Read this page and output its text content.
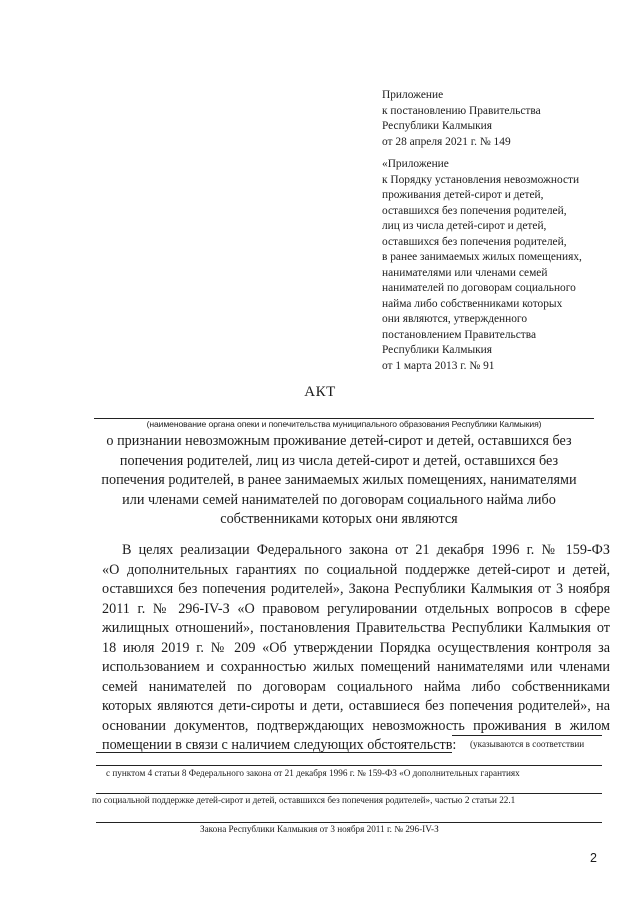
Приложение
к постановлению Правительства
Республики Калмыкия
от 28 апреля 2021 г. № 149
«Приложение
к Порядку установления невозможности
проживания детей-сирот и детей,
оставшихся без попечения родителей,
лиц из числа детей-сирот и детей,
оставшихся без попечения родителей,
в ранее занимаемых жилых помещениях,
нанимателями или членами семей
нанимателей по договорам социального
найма либо собственниками которых
они являются, утвержденного
постановлением Правительства
Республики Калмыкия
от 1 марта 2013 г. № 91
АКТ
(наименование органа опеки и попечительства муниципального образования Республики Калмыкия)
о признании невозможным проживание детей-сирот и детей, оставшихся без
попечения родителей, лиц из числа детей-сирот и детей, оставшихся без
попечения родителей, в ранее занимаемых жилых помещениях, нанимателями
или членами семей нанимателей по договорам социального найма либо
собственниками которых они являются
В целях реализации Федерального закона от 21 декабря 1996 г. № 159-ФЗ
«О дополнительных гарантиях по социальной поддержке детей-сирот и детей,
оставшихся без попечения родителей», Закона Республики Калмыкия от 3 ноября
2011 г. № 296-IV-З «О правовом регулировании отдельных вопросов в сфере
жилищных отношений», постановления Правительства Республики Калмыкия от
18 июля 2019 г. № 209 «Об утверждении Порядка осуществления контроля за
использованием и сохранностью жилых помещений нанимателями или членами
семей нанимателей по договорам социального найма либо собственниками
которых являются дети-сироты и дети, оставшиеся без попечения родителей», на
основании документов, подтверждающих невозможность проживания в жилом
помещении в связи с наличием следующих обстоятельств:	(указываются в соответствии
с пунктом 4 статьи 8 Федерального закона от 21 декабря 1996 г. № 159-ФЗ «О дополнительных гарантиях
по социальной поддержке детей-сирот и детей, оставшихся без попечения родителей», частью 2 статьи 22.1
Закона Республики Калмыкия от 3 ноября 2011 г. № 296-IV-З
2
